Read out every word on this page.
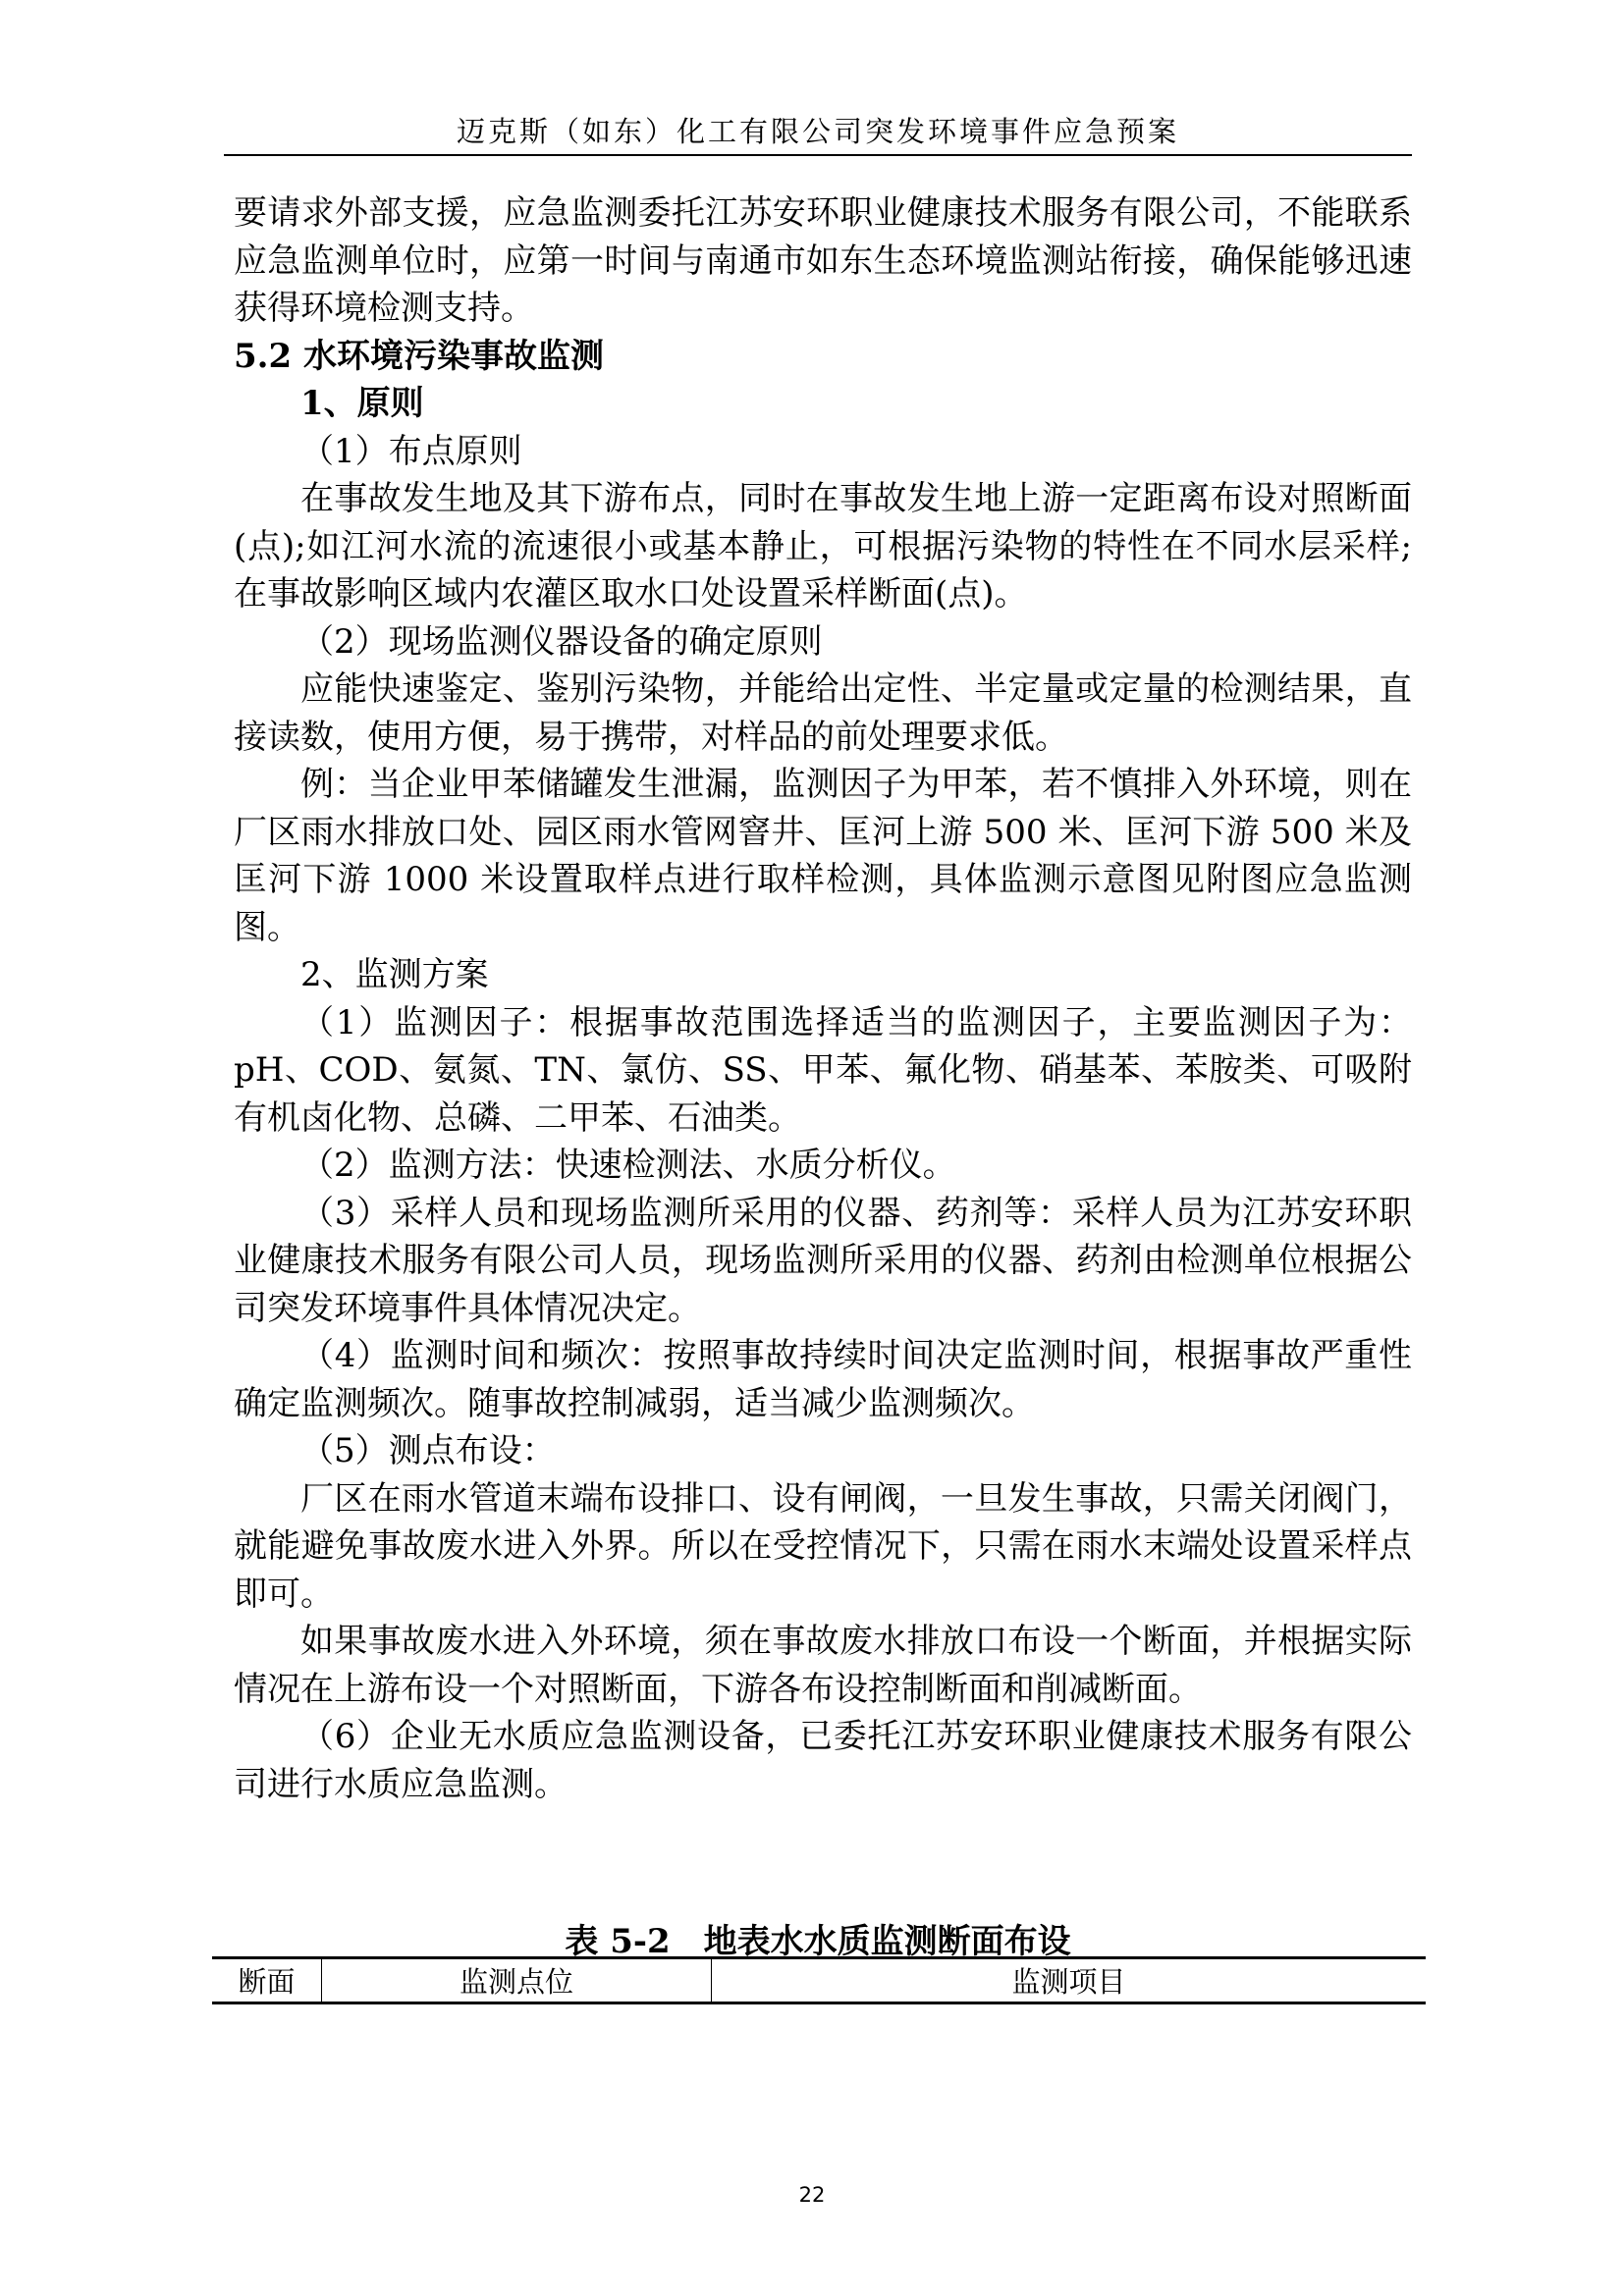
迈克斯（如东）化工有限公司突发环境事件应急预案

要请求外部支援，应急监测委托江苏安环职业健康技术服务有限公司，不能联系应急监测单位时，应第一时间与南通市如东生态环境监测站衔接，确保能够迅速获得环境检测支持。

5.2 水环境污染事故监测

1、原则

（1）布点原则

在事故发生地及其下游布点，同时在事故发生地上游一定距离布设对照断面(点);如江河水流的流速很小或基本静止，可根据污染物的特性在不同水层采样;在事故影响区域内农灌区取水口处设置采样断面(点)。

（2）现场监测仪器设备的确定原则

应能快速鉴定、鉴别污染物，并能给出定性、半定量或定量的检测结果，直接读数，使用方便，易于携带，对样品的前处理要求低。

例：当企业甲苯储罐发生泄漏，监测因子为甲苯，若不慎排入外环境，则在厂区雨水排放口处、园区雨水管网窨井、匡河上游 500 米、匡河下游 500 米及匡河下游 1000 米设置取样点进行取样检测，具体监测示意图见附图应急监测图。

2、监测方案

（1）监测因子：根据事故范围选择适当的监测因子，主要监测因子为：pH、COD、氨氮、TN、氯仿、SS、甲苯、氟化物、硝基苯、苯胺类、可吸附有机卤化物、总磷、二甲苯、石油类。

（2）监测方法：快速检测法、水质分析仪。

（3）采样人员和现场监测所采用的仪器、药剂等：采样人员为江苏安环职业健康技术服务有限公司人员，现场监测所采用的仪器、药剂由检测单位根据公司突发环境事件具体情况决定。

（4）监测时间和频次：按照事故持续时间决定监测时间，根据事故严重性确定监测频次。随事故控制减弱，适当减少监测频次。

（5）测点布设：

厂区在雨水管道末端布设排口、设有闸阀，一旦发生事故，只需关闭阀门，就能避免事故废水进入外界。所以在受控情况下，只需在雨水末端处设置采样点即可。

如果事故废水进入外环境，须在事故废水排放口布设一个断面，并根据实际情况在上游布设一个对照断面，下游各布设控制断面和削减断面。

（6）企业无水质应急监测设备，已委托江苏安环职业健康技术服务有限公司进行水质应急监测。

表 5-2　地表水水质监测断面布设
断面	监测点位	监测项目
22
